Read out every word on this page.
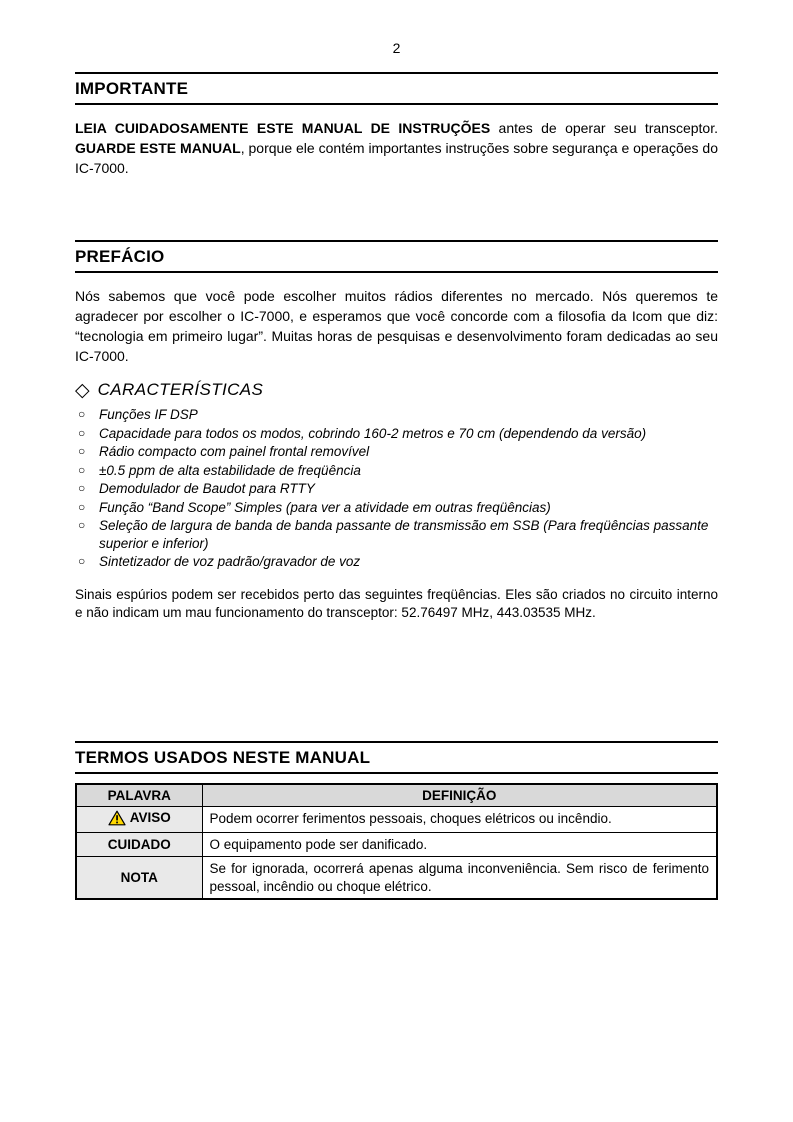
2
IMPORTANTE

LEIA CUIDADOSAMENTE ESTE MANUAL DE INSTRUÇÕES antes de operar seu transceptor. GUARDE ESTE MANUAL, porque ele contém importantes instruções sobre segurança e operações do IC-7000.

PREFÁCIO

Nós sabemos que você pode escolher muitos rádios diferentes no mercado. Nós queremos te agradecer por escolher o IC-7000, e esperamos que você concorde com a filosofia da Icom que diz: “tecnologia em primeiro lugar”. Muitas horas de pesquisas e desenvolvimento foram dedicadas ao seu IC-7000.

◇ CARACTERÍSTICAS
○ Funções IF DSP
○ Capacidade para todos os modos, cobrindo 160-2 metros e 70 cm (dependendo da versão)
○ Rádio compacto com painel frontal removível
○ ±0.5 ppm de alta estabilidade de freqüência
○ Demodulador de Baudot para RTTY
○ Função “Band Scope” Simples (para ver a atividade em outras freqüências)
○ Seleção de largura de banda de banda passante de transmissão em SSB (Para freqüências passante superior e inferior)
○ Sintetizador de voz padrão/gravador de voz

Sinais espúrios podem ser recebidos perto das seguintes freqüências. Eles são criados no circuito interno e não indicam um mau funcionamento do transceptor: 52.76497 MHz, 443.03535 MHz.

TERMOS USADOS NESTE MANUAL
PALAVRA	DEFINIÇÃO

AVISO	Podem ocorrer ferimentos pessoais, choques elétricos ou incêndio.
CUIDADO	O equipamento pode ser danificado.
NOTA	Se for ignorada, ocorrerá apenas alguma inconveniência. Sem risco de ferimento pessoal, incêndio ou choque elétrico.
